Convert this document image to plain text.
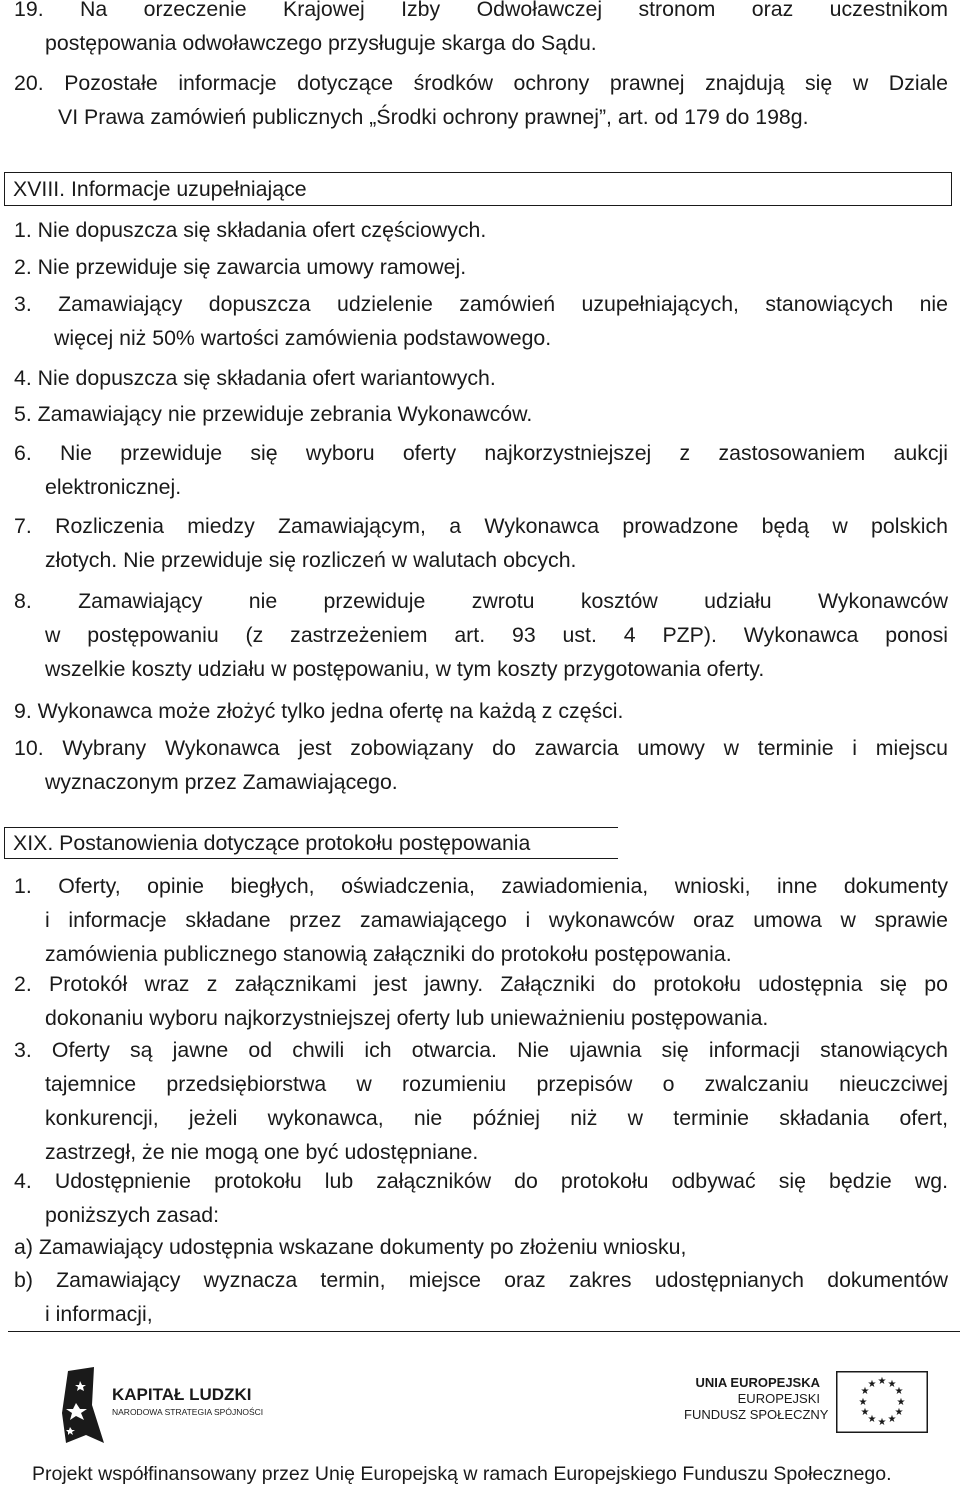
19. Na orzeczenie Krajowej Izby Odwoławczej stronom oraz uczestnikom
postępowania odwoławczego przysługuje skarga do Sądu.
20. Pozostałe informacje dotyczące środków ochrony prawnej znajdują się w Dziale
VI Prawa zamówień publicznych „Środki ochrony prawnej”, art. od 179 do 198g.
XVIII. Informacje uzupełniające
1. Nie dopuszcza się składania ofert częściowych.
2. Nie przewiduje się zawarcia umowy ramowej.
3. Zamawiający dopuszcza udzielenie zamówień uzupełniających, stanowiących nie
więcej niż 50% wartości zamówienia podstawowego.
4. Nie dopuszcza się składania ofert wariantowych.
5. Zamawiający nie przewiduje zebrania Wykonawców.
6. Nie przewiduje się wyboru oferty najkorzystniejszej z zastosowaniem aukcji
elektronicznej.
7. Rozliczenia miedzy Zamawiającym, a Wykonawca prowadzone będą w polskich
złotych. Nie przewiduje się rozliczeń w walutach obcych.
8. Zamawiający nie przewiduje zwrotu kosztów udziału Wykonawców
w postępowaniu (z zastrzeżeniem art. 93 ust. 4 PZP). Wykonawca ponosi
wszelkie koszty udziału w postępowaniu, w tym koszty przygotowania oferty.
9. Wykonawca może złożyć tylko jedna ofertę na każdą z części.
10. Wybrany Wykonawca jest zobowiązany do zawarcia umowy w terminie i miejscu
wyznaczonym przez Zamawiającego.
XIX. Postanowienia dotyczące protokołu postępowania
1. Oferty, opinie biegłych, oświadczenia, zawiadomienia, wnioski, inne dokumenty
i informacje składane przez zamawiającego i wykonawców oraz umowa w sprawie
zamówienia publicznego stanowią załączniki do protokołu postępowania.
2. Protokół wraz z załącznikami jest jawny. Załączniki do protokołu udostępnia się po
dokonaniu wyboru najkorzystniejszej oferty lub unieważnieniu postępowania.
3. Oferty są jawne od chwili ich otwarcia. Nie ujawnia się informacji stanowiących
tajemnice przedsiębiorstwa w rozumieniu przepisów o zwalczaniu nieuczciwej
konkurencji, jeżeli wykonawca, nie później niż w terminie składania ofert,
zastrzegł, że nie mogą one być udostępniane.
4. Udostępnienie protokołu lub załączników do protokołu odbywać się będzie wg.
poniższych zasad:
a) Zamawiający udostępnia wskazane dokumenty po złożeniu wniosku,
b) Zamawiający wyznacza termin, miejsce oraz zakres udostępnianych dokumentów
i informacji,
KAPITAŁ LUDZKI
NARODOWA STRATEGIA SPÓJNOŚCI
UNIA EUROPEJSKA
EUROPEJSKI
FUNDUSZ SPOŁECZNY
★ ★
★
★
★
★
★
★
★
★
★
★
Projekt współfinansowany przez Unię Europejską w ramach Europejskiego Funduszu Społecznego.
